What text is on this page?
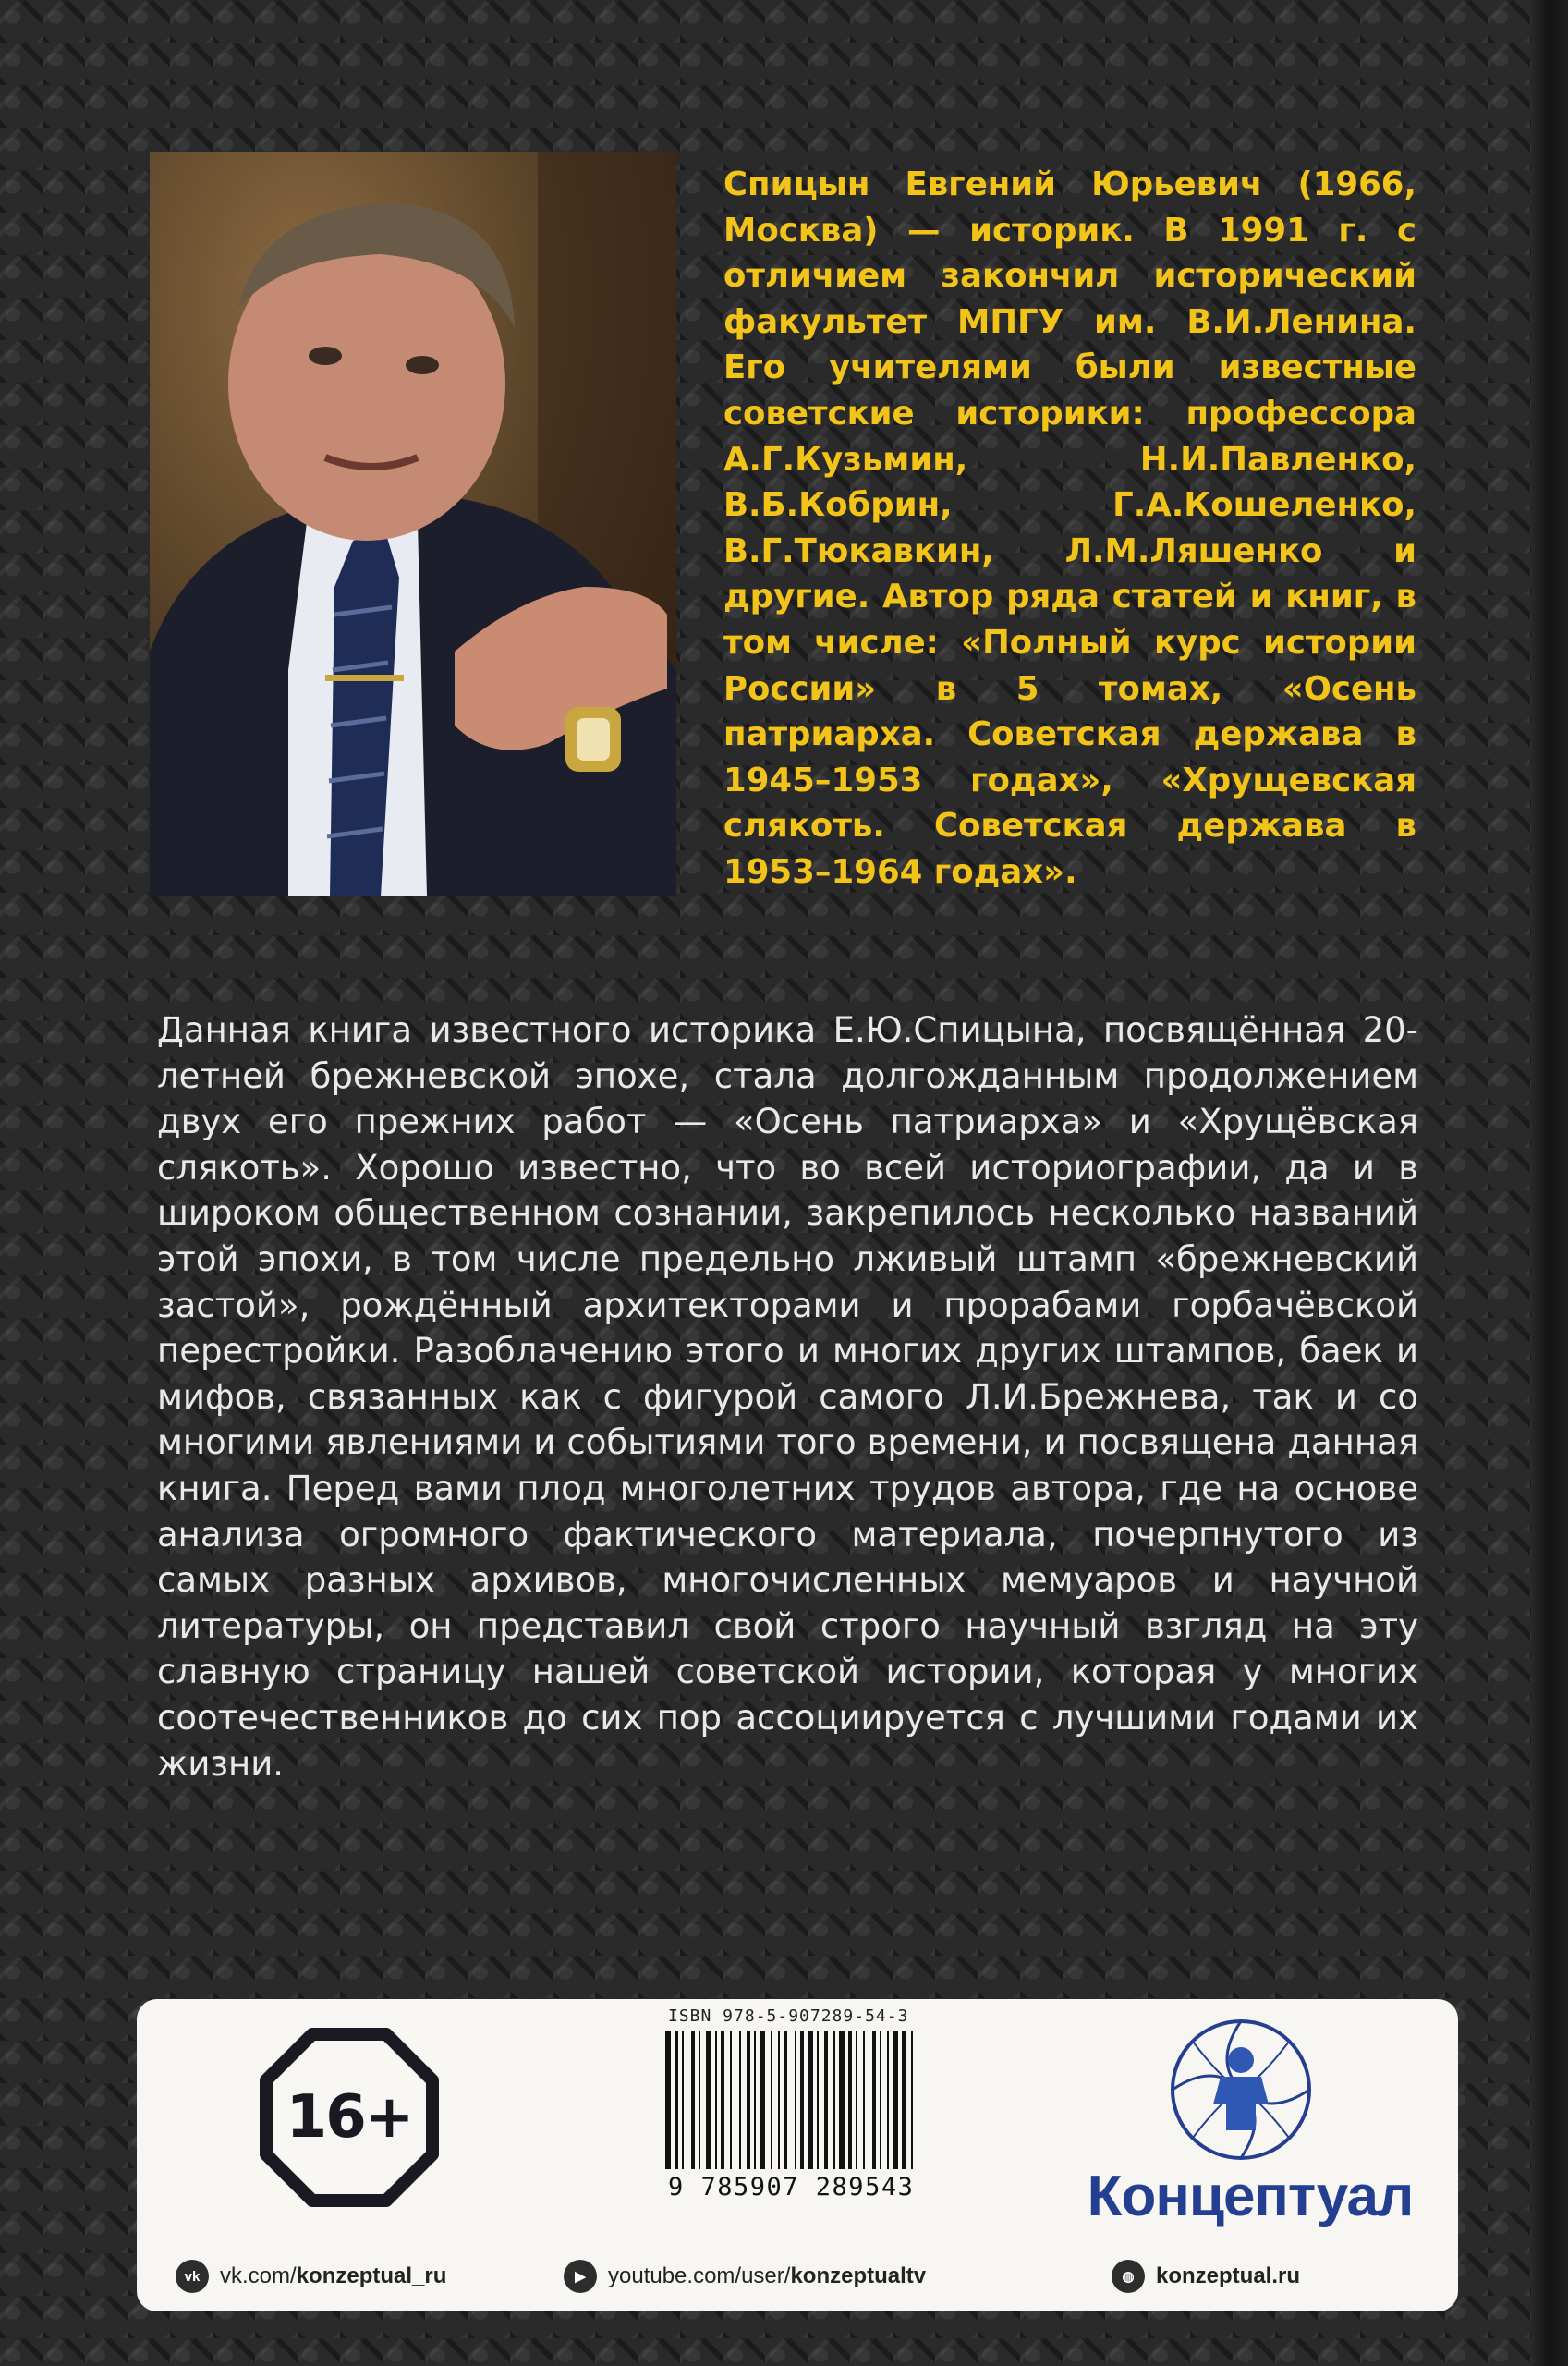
Спицын Евгений Юрьевич (1966, Москва) — историк. В 1991 г. с отличием закончил исторический факультет МПГУ им. В.И.Ленина. Его учителями были известные советские историки: профессора А.Г.Кузьмин, Н.И.Павленко, В.Б.Кобрин, Г.А.Кошеленко, В.Г.Тюкавкин, Л.М.Ляшенко и другие. Автор ряда статей и книг, в том числе: «Полный курс истории России» в 5 томах, «Осень патриарха. Советская держава в 1945–1953 годах», «Хрущевская слякоть. Советская держава в 1953–1964 годах».

Данная книга известного историка Е.Ю.Спицына, посвящённая 20-летней брежневской эпохе, стала долгожданным продолжением двух его прежних работ — «Осень патриарха» и «Хрущёвская слякоть». Хорошо известно, что во всей историографии, да и в широком общественном сознании, закрепилось несколько названий этой эпохи, в том числе предельно лживый штамп «брежневский застой», рождённый архитекторами и прорабами горбачёвской перестройки. Разоблачению этого и многих других штампов, баек и мифов, связанных как с фигурой самого Л.И.Брежнева, так и со многими явлениями и событиями того времени, и посвящена данная книга. Перед вами плод многолетних трудов автора, где на основе анализа огромного фактического материала, почерпнутого из самых разных архивов, многочисленных мемуаров и научной литературы, он представил свой строго научный взгляд на эту славную страницу нашей советской истории, которая у многих соотечественников до сих пор ассоциируется с лучшими годами их жизни.

16+
ISBN 978-5-907289-54-3
9 785907 289543	Концептуал
vk vk.com/konzeptual_ru	▶	youtube.com/user/konzeptualtv	◍ konzeptual.ru
